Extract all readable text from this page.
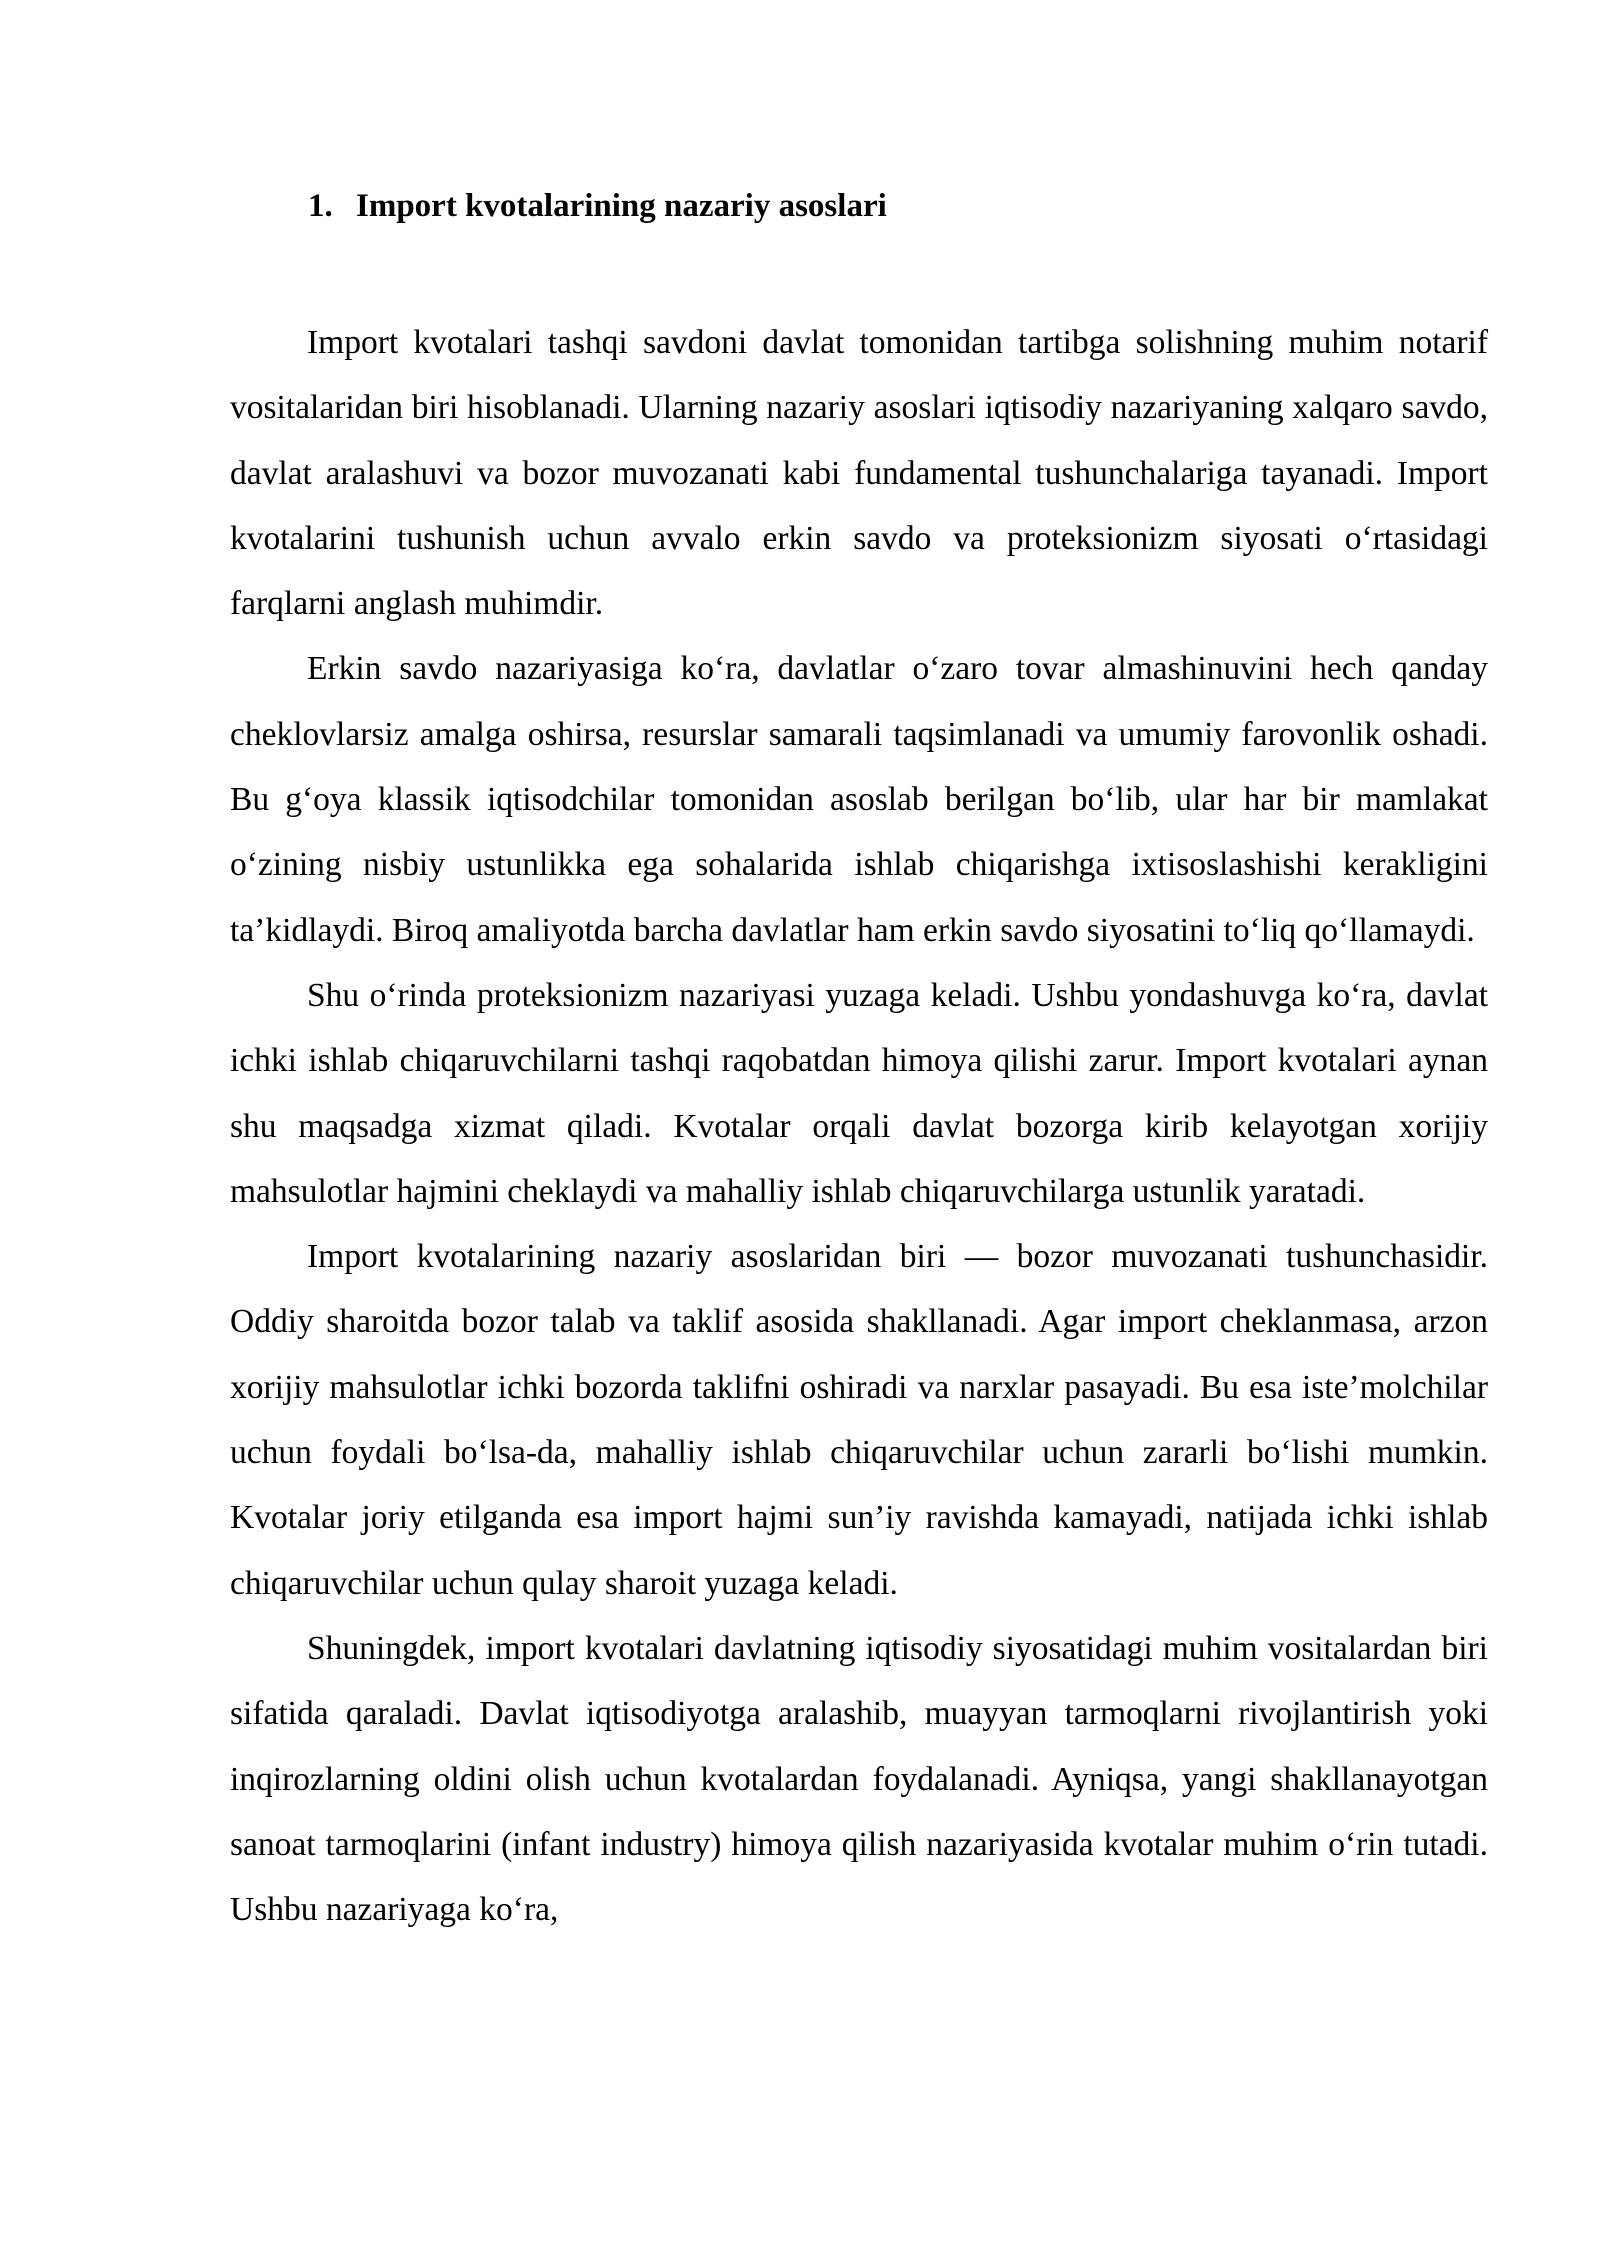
1. Import kvotalarining nazariy asoslari

Import kvotalari tashqi savdoni davlat tomonidan tartibga solishning muhim notarif vositalaridan biri hisoblanadi. Ularning nazariy asoslari iqtisodiy nazariyaning xalqaro savdo, davlat aralashuvi va bozor muvozanati kabi fundamental tushunchalariga tayanadi. Import kvotalarini tushunish uchun avvalo erkin savdo va proteksionizm siyosati o‘rtasidagi farqlarni anglash muhimdir.

Erkin savdo nazariyasiga ko‘ra, davlatlar o‘zaro tovar almashinuvini hech qanday cheklovlarsiz amalga oshirsa, resurslar samarali taqsimlanadi va umumiy farovonlik oshadi. Bu g‘oya klassik iqtisodchilar tomonidan asoslab berilgan bo‘lib, ular har bir mamlakat o‘zining nisbiy ustunlikka ega sohalarida ishlab chiqarishga ixtisoslashishi kerakligini ta’kidlaydi. Biroq amaliyotda barcha davlatlar ham erkin savdo siyosatini to‘liq qo‘llamaydi.

Shu o‘rinda proteksionizm nazariyasi yuzaga keladi. Ushbu yondashuvga ko‘ra, davlat ichki ishlab chiqaruvchilarni tashqi raqobatdan himoya qilishi zarur. Import kvotalari aynan shu maqsadga xizmat qiladi. Kvotalar orqali davlat bozorga kirib kelayotgan xorijiy mahsulotlar hajmini cheklaydi va mahalliy ishlab chiqaruvchilarga ustunlik yaratadi.

Import kvotalarining nazariy asoslaridan biri — bozor muvozanati tushunchasidir. Oddiy sharoitda bozor talab va taklif asosida shakllanadi. Agar import cheklanmasa, arzon xorijiy mahsulotlar ichki bozorda taklifni oshiradi va narxlar pasayadi. Bu esa iste’molchilar uchun foydali bo‘lsa-da, mahalliy ishlab chiqaruvchilar uchun zararli bo‘lishi mumkin. Kvotalar joriy etilganda esa import hajmi sun’iy ravishda kamayadi, natijada ichki ishlab chiqaruvchilar uchun qulay sharoit yuzaga keladi.

Shuningdek, import kvotalari davlatning iqtisodiy siyosatidagi muhim vositalardan biri sifatida qaraladi. Davlat iqtisodiyotga aralashib, muayyan tarmoqlarni rivojlantirish yoki inqirozlarning oldini olish uchun kvotalardan foydalanadi. Ayniqsa, yangi shakllanayotgan sanoat tarmoqlarini (infant industry) himoya qilish nazariyasida kvotalar muhim o‘rin tutadi. Ushbu nazariyaga ko‘ra,
